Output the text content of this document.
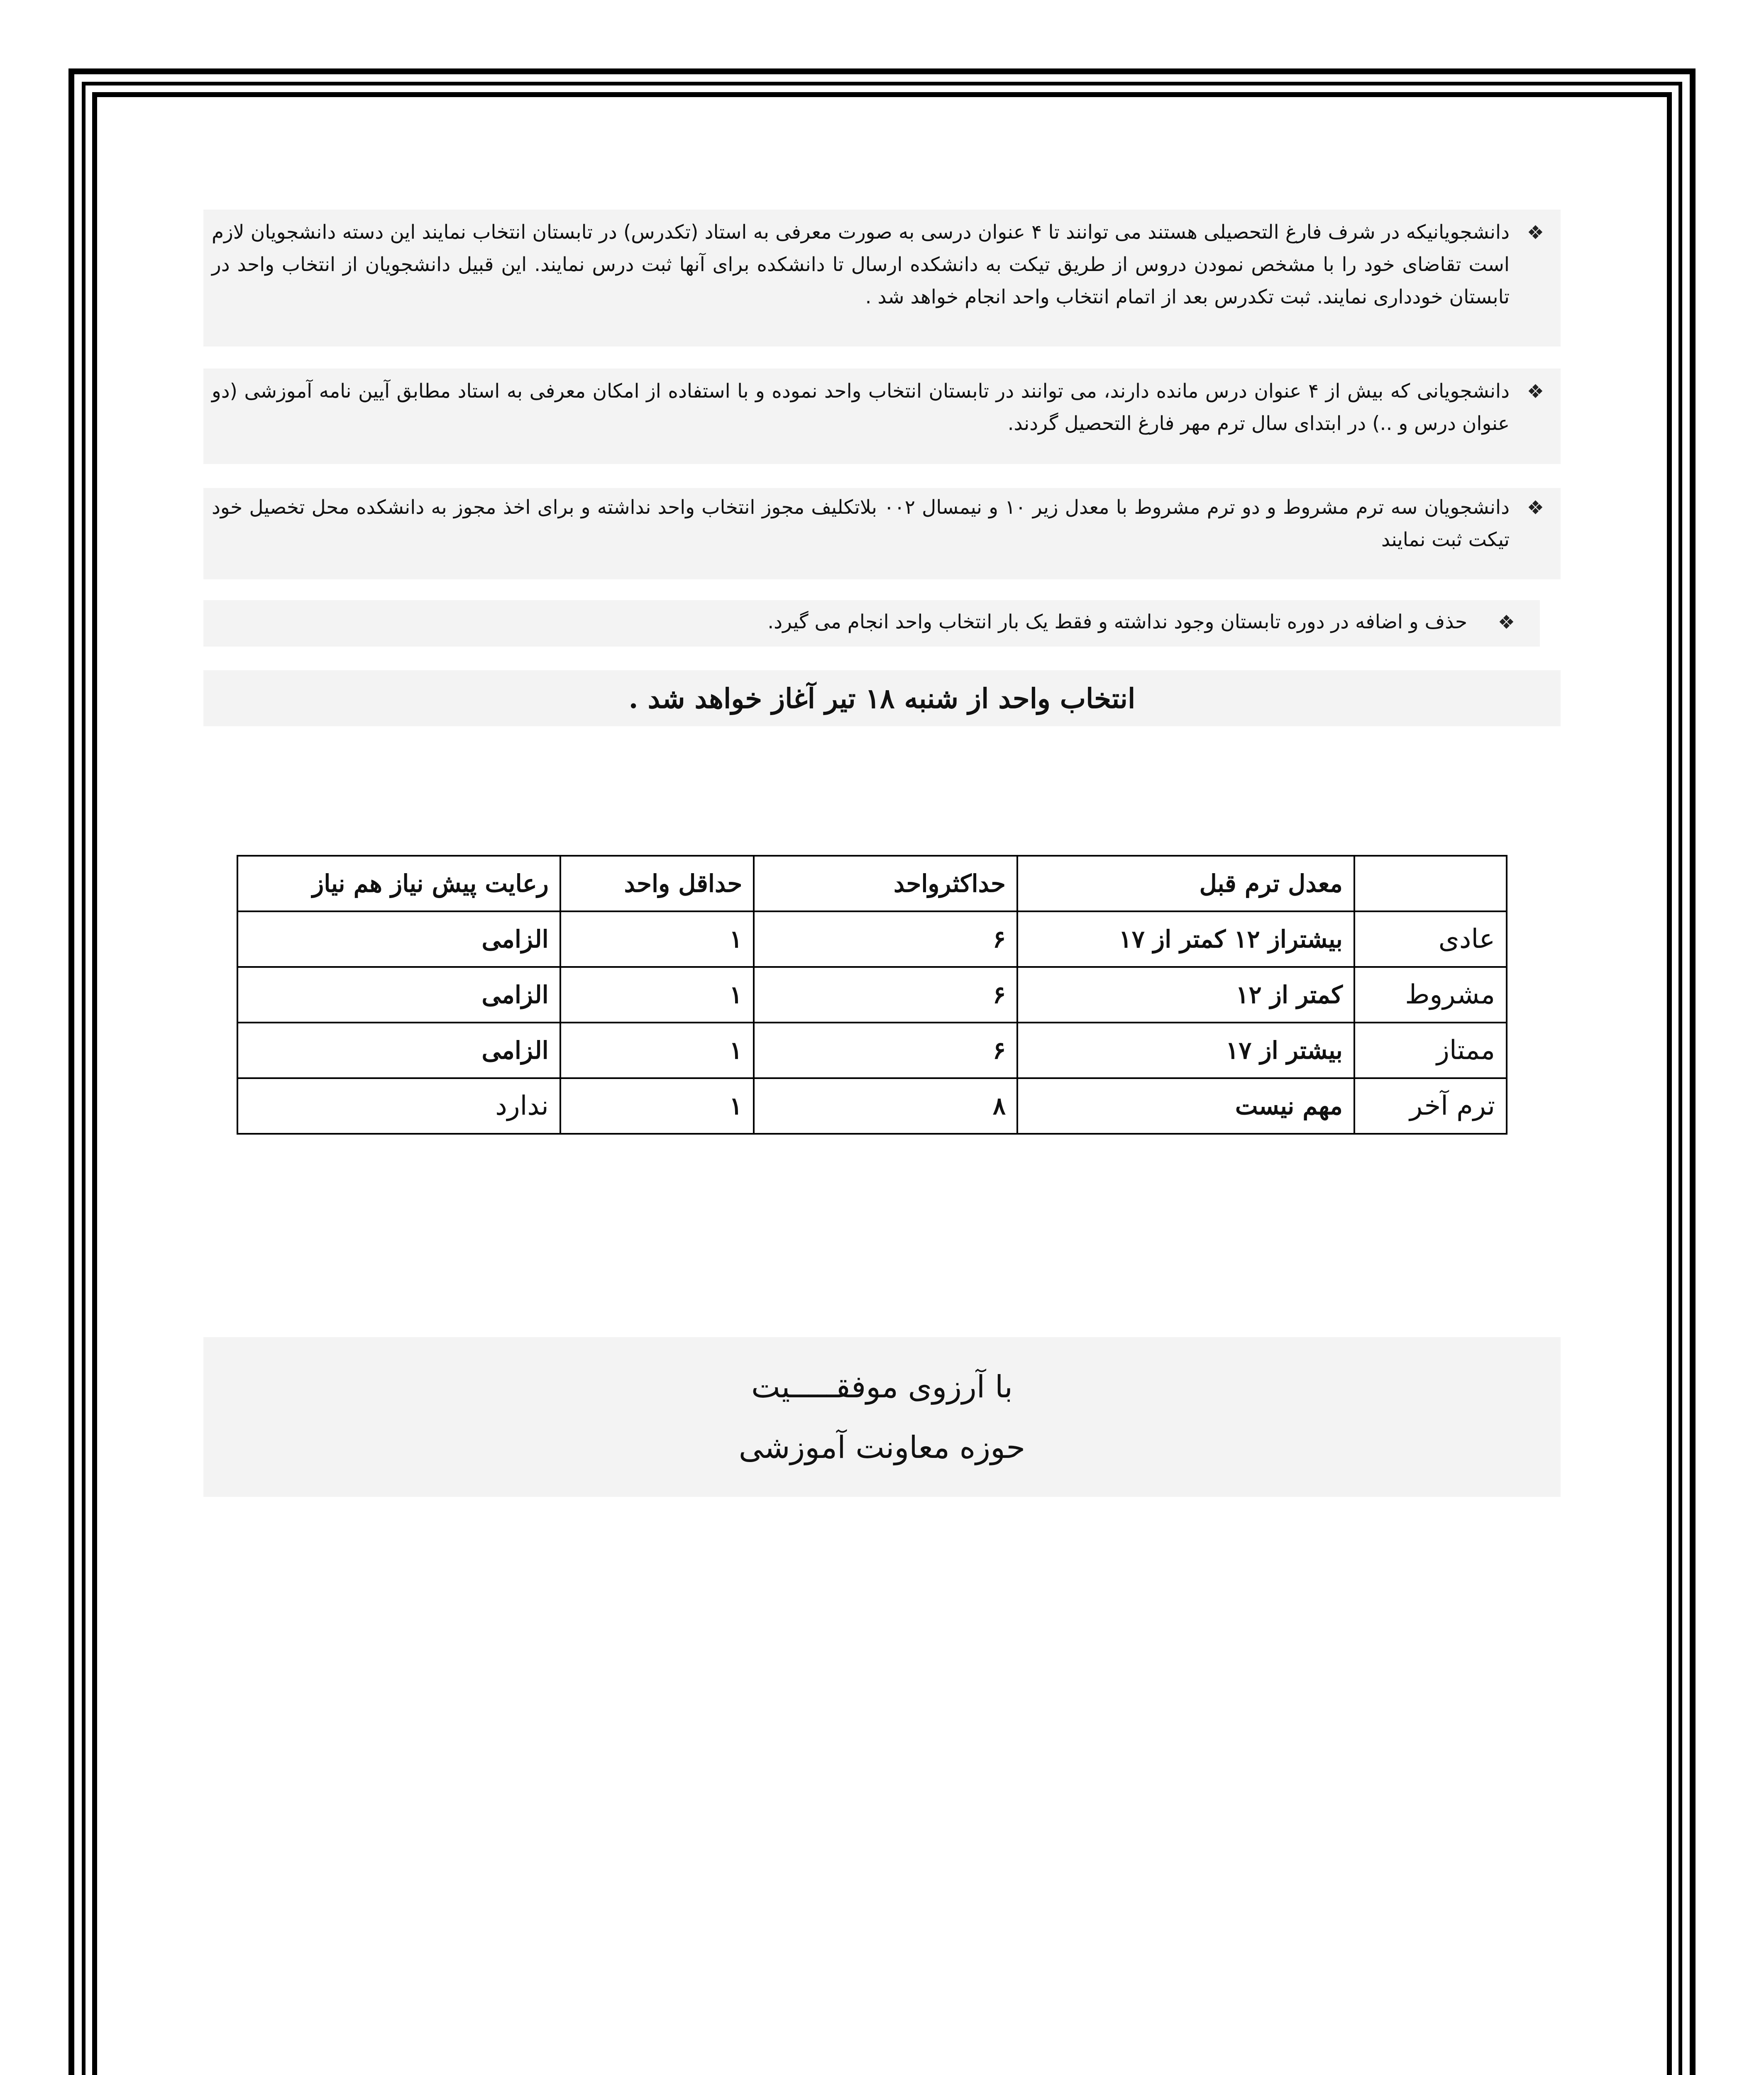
❖
دانشجویانیکه در شرف فارغ التحصیلی هستند می توانند تا ۴ عنوان درسی به صورت معرفی به استاد (تکدرس) در تابستان انتخاب نمایند این دسته دانشجویان لازم است تقاضای خود را با مشخص نمودن دروس از طریق تیکت به دانشکده ارسال تا دانشکده برای آنها ثبت درس نمایند. این قبیل دانشجویان از انتخاب واحد در تابستان خودداری نمایند. ثبت تکدرس بعد از اتمام انتخاب واحد انجام خواهد شد .
❖
دانشجویانی که بیش از ۴ عنوان درس مانده دارند، می توانند در تابستان انتخاب واحد نموده و با استفاده از امکان معرفی به استاد مطابق آیین نامه آموزشی (دو عنوان درس و ..) در ابتدای سال ترم مهر فارغ التحصیل گردند.
❖
دانشجویان سه ترم مشروط و دو ترم مشروط با معدل زیر ۱۰ و نیمسال ۰۰۲ بلاتکلیف مجوز انتخاب واحد نداشته و برای اخذ مجوز به دانشکده محل تخصیل خود تیکت ثبت نمایند
❖
حذف و اضافه در دوره تابستان وجود نداشته و فقط یک بار انتخاب واحد انجام می گیرد.
انتخاب واحد از شنبه ۱۸ تیر آغاز خواهد شد .
	معدل ترم قبل	حداکثرواحد	حداقل واحد	رعایت پیش نیاز هم نیاز
عادی	بیشتراز ۱۲ کمتر از ۱۷	۶	۱	الزامی
مشروط	کمتر از ۱۲	۶	۱	الزامی
ممتاز	بیشتر از ۱۷	۶	۱	الزامی
ترم آخر	مهم نیست	۸	۱	ندارد
با آرزوی موفقـــــیت
حوزه معاونت آموزشی
